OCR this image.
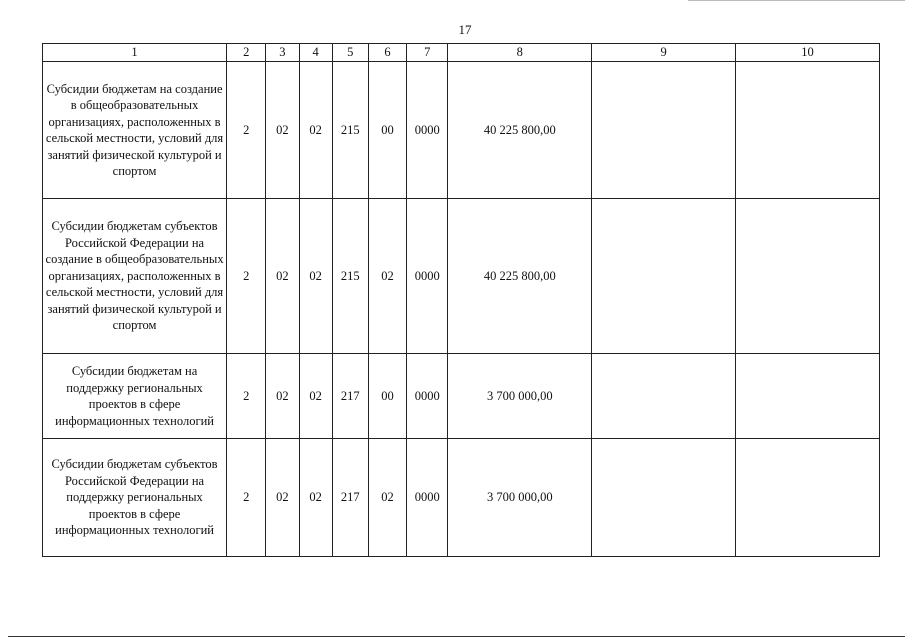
17
1	2	3	4	5	6	7	8	9	10
Субсидии бюджетам на создание в общеобразовательных организациях, расположенных в сельской местности, условий для занятий физической культурой и спортом	2	02	02	215	00	0000	40 225 800,00		
Субсидии бюджетам субъектов Российской Федерации на создание в общеобразовательных организациях, расположенных в сельской местности, условий для занятий физической культурой и спортом	2	02	02	215	02	0000	40 225 800,00		
Субсидии бюджетам на поддержку региональных проектов в сфере информационных технологий	2	02	02	217	00	0000	3 700 000,00		
Субсидии бюджетам субъектов Российской Федерации на поддержку региональных проектов в сфере информационных технологий	2	02	02	217	02	0000	3 700 000,00		
